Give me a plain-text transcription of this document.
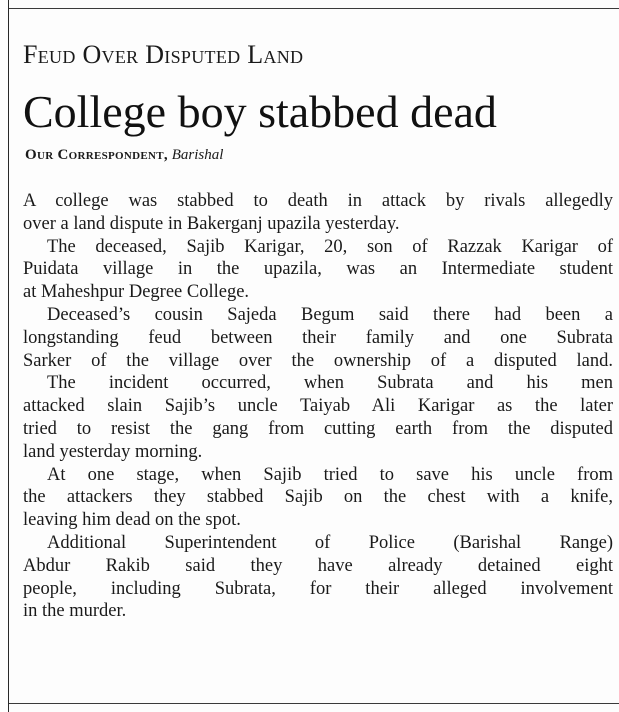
Feud Over Disputed Land
College boy stabbed dead
Our Correspondent, Barishal
A college was stabbed to death in attack by rivals allegedly
over a land dispute in Bakerganj upazila yesterday.
The deceased, Sajib Karigar, 20, son of Razzak Karigar of
Puidata village in the upazila, was an Intermediate student
at Maheshpur Degree College.
Deceased’s cousin Sajeda Begum said there had been a
longstanding feud between their family and one Subrata
Sarker of the village over the ownership of a disputed land.
The incident occurred, when Subrata and his men
attacked slain Sajib’s uncle Taiyab Ali Karigar as the later
tried to resist the gang from cutting earth from the disputed
land yesterday morning.
At one stage, when Sajib tried to save his uncle from
the attackers they stabbed Sajib on the chest with a knife,
leaving him dead on the spot.
Additional Superintendent of Police (Barishal Range)
Abdur Rakib said they have already detained eight
people, including Subrata, for their alleged involvement
in the murder.
